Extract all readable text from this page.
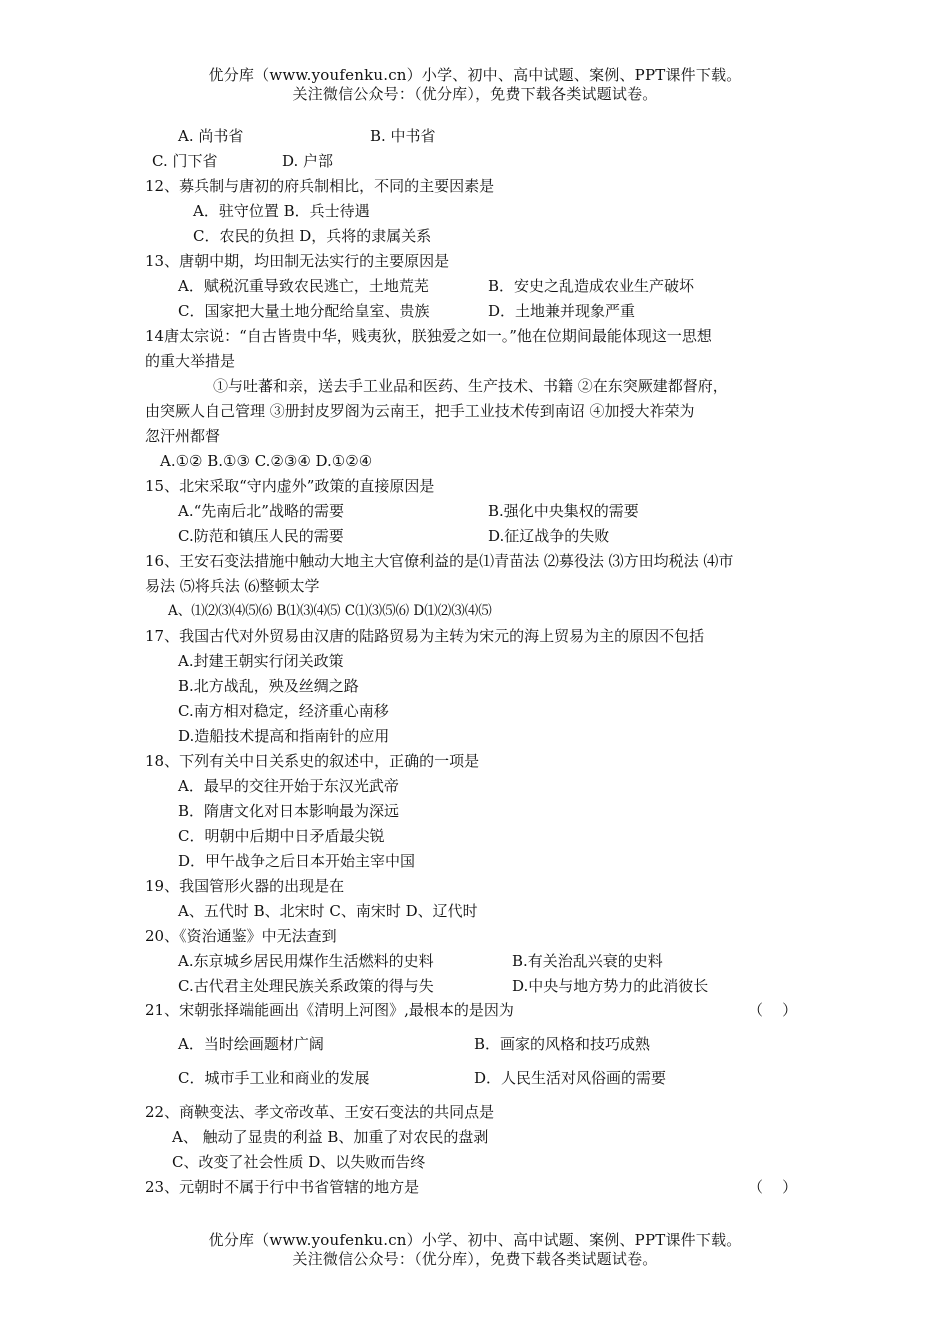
优分库（www.youfenku.cn）小学、初中、高中试题、案例、PPT课件下载。
关注微信公众号：（优分库），免费下载各类试题试卷。
A. 尚书省	B. 中书省
C. 门下省	D. 户部
12、募兵制与唐初的府兵制相比，不同的主要因素是
A．驻守位置 B．兵士待遇
C．农民的负担 D，兵将的隶属关系
13、唐朝中期，均田制无法实行的主要原因是
A．赋税沉重导致农民逃亡，土地荒芜	B．安史之乱造成农业生产破坏
C．国家把大量土地分配给皇室、贵族	D．土地兼并现象严重
14唐太宗说：“自古皆贵中华，贱夷狄，朕独爱之如一。”他在位期间最能体现这一思想
的重大举措是
①与吐蕃和亲，送去手工业品和医药、生产技术、书籍 ②在东突厥建都督府，
由突厥人自己管理 ③册封皮罗阁为云南王，把手工业技术传到南诏 ④加授大祚荣为
忽汗州都督
A.①② B.①③ C.②③④ D.①②④
15、北宋采取“守内虚外”政策的直接原因是
A.“先南后北”战略的需要	B.强化中央集权的需要
C.防范和镇压人民的需要	D.征辽战争的失败
16、王安石变法措施中触动大地主大官僚利益的是⑴青苗法 ⑵募役法 ⑶方田均税法 ⑷市
易法 ⑸将兵法 ⑹整顿太学
A、⑴⑵⑶⑷⑸⑹ B⑴⑶⑷⑸ C⑴⑶⑸⑹ D⑴⑵⑶⑷⑸
17、我国古代对外贸易由汉唐的陆路贸易为主转为宋元的海上贸易为主的原因不包括
A.封建王朝实行闭关政策
B.北方战乱，殃及丝绸之路
C.南方相对稳定，经济重心南移
D.造船技术提高和指南针的应用
18、下列有关中日关系史的叙述中，正确的一项是
A．最早的交往开始于东汉光武帝
B．隋唐文化对日本影响最为深远
C．明朝中后期中日矛盾最尖锐
D．甲午战争之后日本开始主宰中国
19、我国管形火器的出现是在
A、五代时 B、北宋时 C、南宋时 D、辽代时
20、《资治通鉴》中无法查到
A.东京城乡居民用煤作生活燃料的史料	B.有关治乱兴衰的史料
C.古代君主处理民族关系政策的得与失	D.中央与地方势力的此消彼长
21、宋朝张择端能画出《清明上河图》,最根本的是因为	（    ）
A．当时绘画题材广阔	B．画家的风格和技巧成熟
C．城市手工业和商业的发展	D．人民生活对风俗画的需要
22、商鞅变法、孝文帝改革、王安石变法的共同点是
A、 触动了显贵的利益 B、加重了对农民的盘剥
C、改变了社会性质 D、以失败而告终
23、元朝时不属于行中书省管辖的地方是	（    ）
优分库（www.youfenku.cn）小学、初中、高中试题、案例、PPT课件下载。
关注微信公众号：（优分库），免费下载各类试题试卷。
